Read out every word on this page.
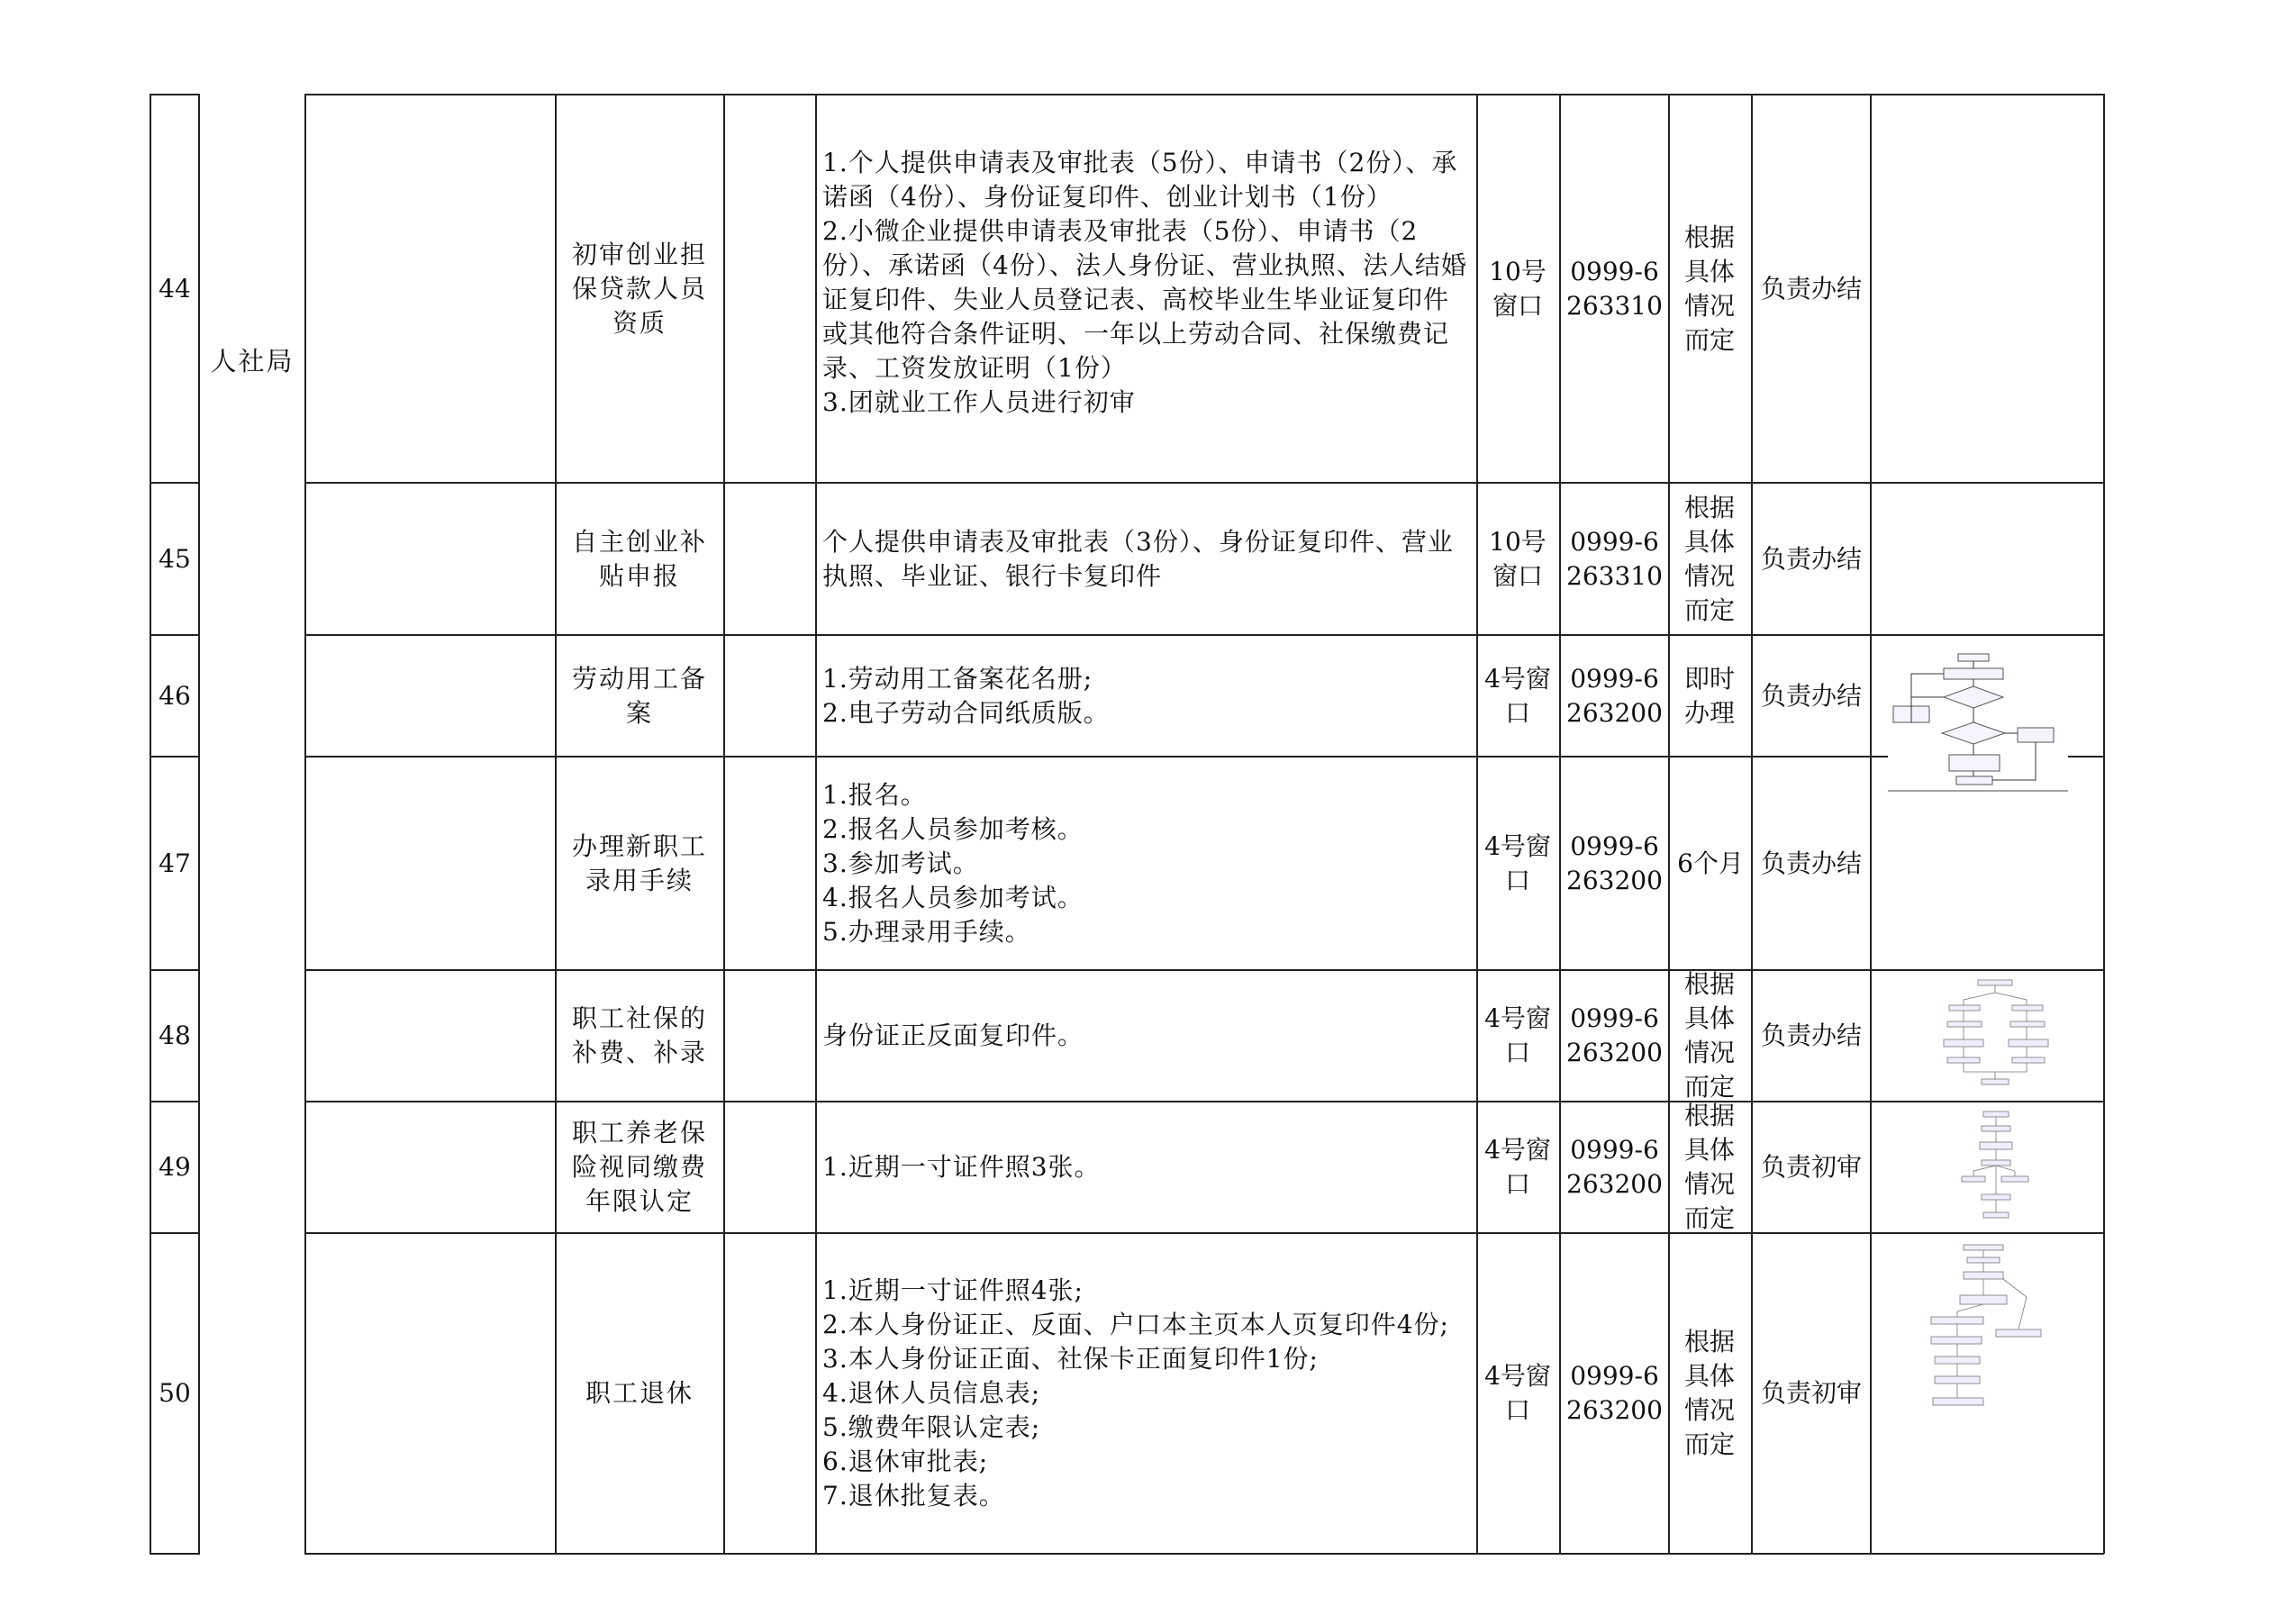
人社局
44
初审创业担保贷款人员资质
1.个人提供申请表及审批表（5份）、申请书（2份）、承诺函（4份）、身份证复印件、创业计划书（1份）
2.小微企业提供申请表及审批表（5份）、申请书（2份）、承诺函（4份）、法人身份证、营业执照、法人结婚证复印件、失业人员登记表、高校毕业生毕业证复印件或其他符合条件证明、一年以上劳动合同、社保缴费记录、工资发放证明（1份）
3.团就业工作人员进行初审
10号窗口
0999-6263310
根据具体情况而定
负责办结
45
自主创业补贴申报
个人提供申请表及审批表（3份）、身份证复印件、营业执照、毕业证、银行卡复印件
10号窗口
0999-6263310
根据具体情况而定
负责办结
46
劳动用工备案
1.劳动用工备案花名册;
2.电子劳动合同纸质版。
4号窗口
0999-6263200
即时办理
负责办结
47
办理新职工录用手续
1.报名。
2.报名人员参加考核。
3.参加考试。
4.报名人员参加考试。
5.办理录用手续。
4号窗口
0999-6263200
6个月 负责办结
48
职工社保的补费、补录
身份证正反面复印件。
4号窗口
0999-6263200
根据具体情况而定
负责办结
49
职工养老保险视同缴费年限认定
1.近期一寸证件照3张。
4号窗口
0999-6263200
根据具体情况而定
负责初审
50	职工退休
1.近期一寸证件照4张;
2.本人身份证正、反面、户口本主页本人页复印件4份;
3.本人身份证正面、社保卡正面复印件1份;
4.退休人员信息表;
5.缴费年限认定表;
6.退休审批表;
7.退休批复表。
4号窗口
0999-6263200
根据具体情况而定
负责初审
